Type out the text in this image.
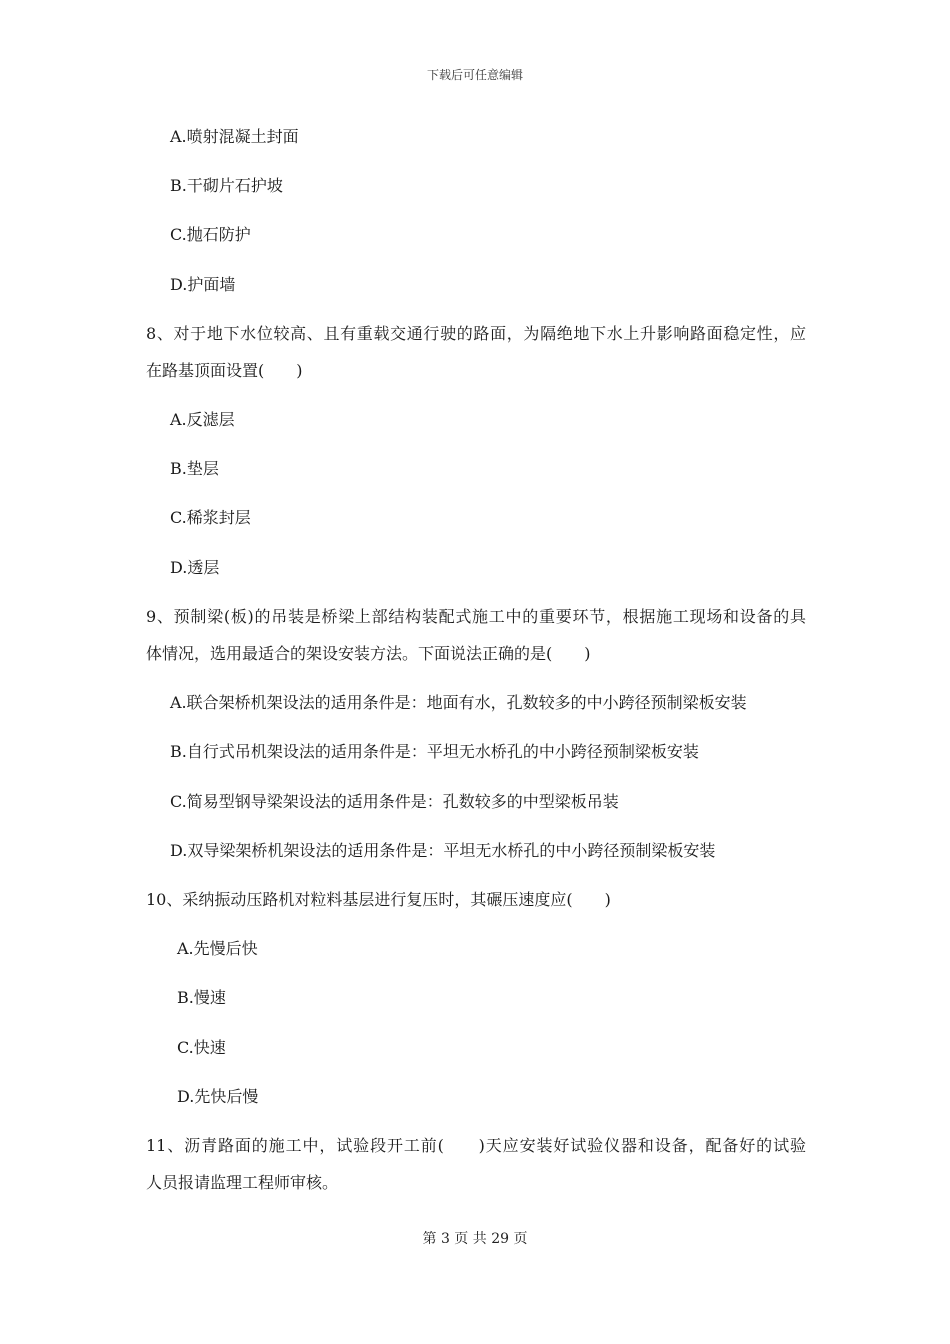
下载后可任意编辑
A.喷射混凝土封面
B.干砌片石护坡
C.抛石防护
D.护面墙
8、对于地下水位较高、且有重载交通行驶的路面，为隔绝地下水上升影响路面稳定性，应
在路基顶面设置(　　)
A.反滤层
B.垫层
C.稀浆封层
D.透层
9、预制梁(板)的吊装是桥梁上部结构装配式施工中的重要环节，根据施工现场和设备的具
体情况，选用最适合的架设安装方法。下面说法正确的是(　　)
A.联合架桥机架设法的适用条件是：地面有水，孔数较多的中小跨径预制梁板安装
B.自行式吊机架设法的适用条件是：平坦无水桥孔的中小跨径预制梁板安装
C.简易型钢导梁架设法的适用条件是：孔数较多的中型梁板吊装
D.双导梁架桥机架设法的适用条件是：平坦无水桥孔的中小跨径预制梁板安装
10、采纳振动压路机对粒料基层进行复压时，其碾压速度应(　　)
A.先慢后快
B.慢速
C.快速
D.先快后慢
11、沥青路面的施工中，试验段开工前(　　)天应安装好试验仪器和设备，配备好的试验
人员报请监理工程师审核。
第 3 页 共 29 页
